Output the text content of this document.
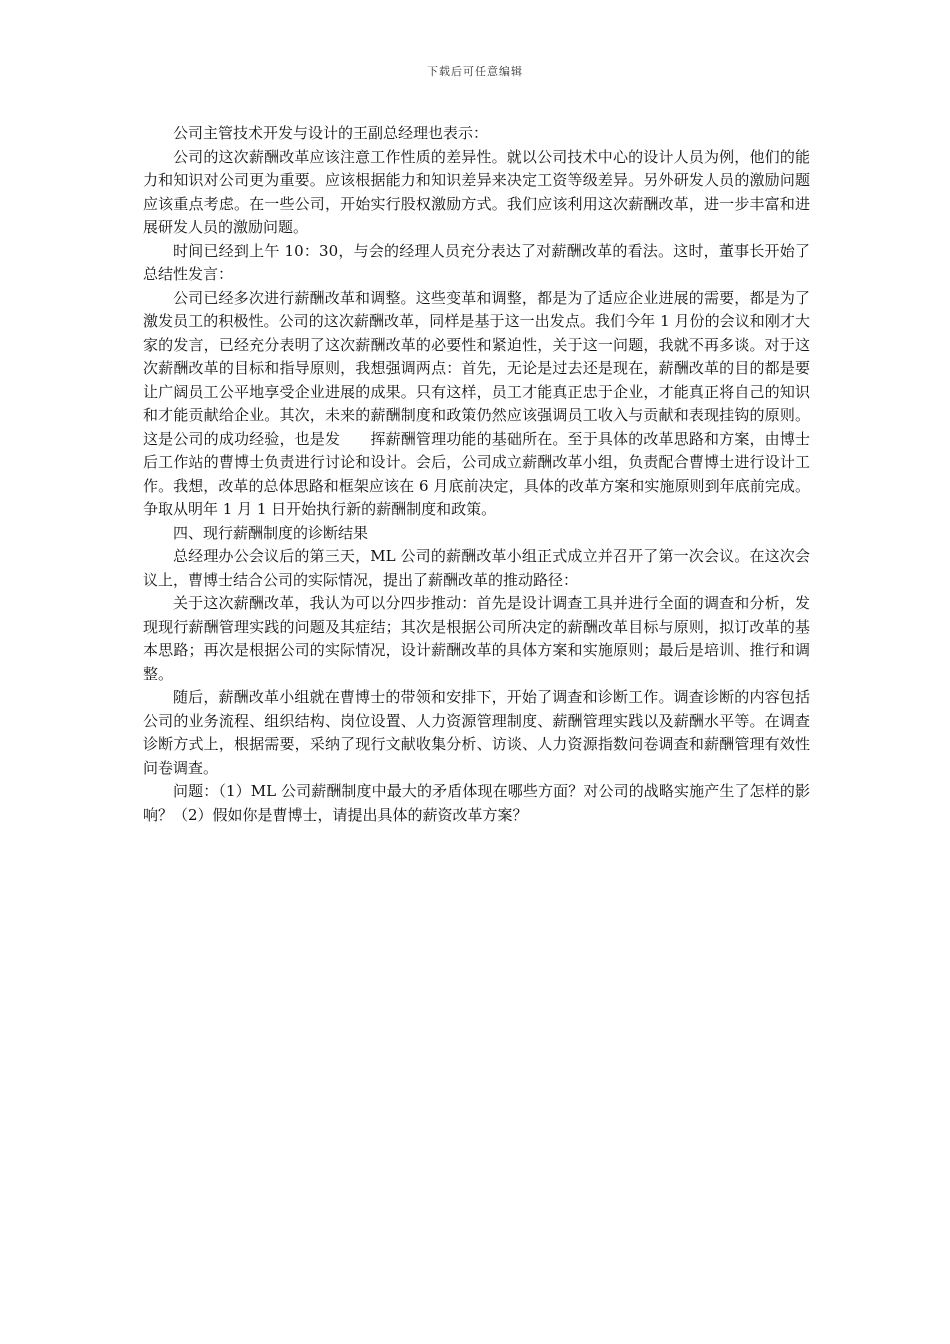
下载后可任意编辑

公司主管技术开发与设计的王副总经理也表示：

公司的这次薪酬改革应该注意工作性质的差异性。就以公司技术中心的设计人员为例，他们的能力和知识对公司更为重要。应该根据能力和知识差异来决定工资等级差异。另外研发人员的激励问题应该重点考虑。在一些公司，开始实行股权激励方式。我们应该利用这次薪酬改革，进一步丰富和进展研发人员的激励问题。

时间已经到上午 10：30，与会的经理人员充分表达了对薪酬改革的看法。这时，董事长开始了总结性发言：

公司已经多次进行薪酬改革和调整。这些变革和调整，都是为了适应企业进展的需要，都是为了激发员工的积极性。公司的这次薪酬改革，同样是基于这一出发点。我们今年 1 月份的会议和刚才大家的发言，已经充分表明了这次薪酬改革的必要性和紧迫性，关于这一问题，我就不再多谈。对于这次薪酬改革的目标和指导原则，我想强调两点：首先，无论是过去还是现在，薪酬改革的目的都是要让广阔员工公平地享受企业进展的成果。只有这样，员工才能真正忠于企业，才能真正将自己的知识和才能贡献给企业。其次，未来的薪酬制度和政策仍然应该强调员工收入与贡献和表现挂钩的原则。这是公司的成功经验，也是发　　挥薪酬管理功能的基础所在。至于具体的改革思路和方案，由博士后工作站的曹博士负责进行讨论和设计。会后，公司成立薪酬改革小组，负责配合曹博士进行设计工作。我想，改革的总体思路和框架应该在 6 月底前决定，具体的改革方案和实施原则到年底前完成。争取从明年 1 月 1 日开始执行新的薪酬制度和政策。

四、现行薪酬制度的诊断结果

总经理办公会议后的第三天，ML 公司的薪酬改革小组正式成立并召开了第一次会议。在这次会议上，曹博士结合公司的实际情况，提出了薪酬改革的推动路径：

关于这次薪酬改革，我认为可以分四步推动：首先是设计调查工具并进行全面的调查和分析，发现现行薪酬管理实践的问题及其症结；其次是根据公司所决定的薪酬改革目标与原则，拟订改革的基本思路；再次是根据公司的实际情况，设计薪酬改革的具体方案和实施原则；最后是培训、推行和调整。

随后，薪酬改革小组就在曹博士的带领和安排下，开始了调查和诊断工作。调查诊断的内容包括公司的业务流程、组织结构、岗位设置、人力资源管理制度、薪酬管理实践以及薪酬水平等。在调查诊断方式上，根据需要，采纳了现行文献收集分析、访谈、人力资源指数问卷调查和薪酬管理有效性问卷调查。

问题：（1）ML 公司薪酬制度中最大的矛盾体现在哪些方面？对公司的战略实施产生了怎样的影响？（2）假如你是曹博士，请提出具体的薪资改革方案？
